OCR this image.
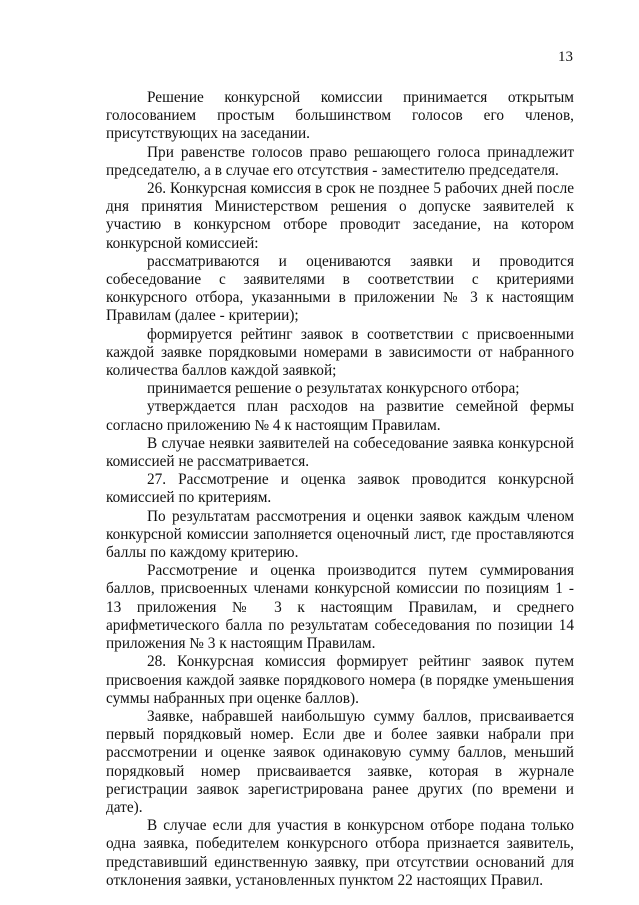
13

Решение конкурсной комиссии принимается открытым голосованием простым большинством голосов его членов, присутствующих на заседании.

При равенстве голосов право решающего голоса принадлежит председателю, а в случае его отсутствия - заместителю председателя.

26. Конкурсная комиссия в срок не позднее 5 рабочих дней после дня принятия Министерством решения о допуске заявителей к участию в конкурсном отборе проводит заседание, на котором конкурсной комиссией:

рассматриваются и оцениваются заявки и проводится собеседование с заявителями в соответствии с критериями конкурсного отбора, указанными в приложении № 3 к настоящим Правилам (далее - критерии);

формируется рейтинг заявок в соответствии с присвоенными каждой заявке порядковыми номерами в зависимости от набранного количества баллов каждой заявкой;

принимается решение о результатах конкурсного отбора;

утверждается план расходов на развитие семейной фермы согласно приложению № 4 к настоящим Правилам.

В случае неявки заявителей на собеседование заявка конкурсной комиссией не рассматривается.

27. Рассмотрение и оценка заявок проводится конкурсной комиссией по критериям.

По результатам рассмотрения и оценки заявок каждым членом конкурсной комиссии заполняется оценочный лист, где проставляются баллы по каждому критерию.

Рассмотрение и оценка производится путем суммирования баллов, присвоенных членами конкурсной комиссии по позициям 1 - 13 приложения № 3 к настоящим Правилам, и среднего арифметического балла по результатам собеседования по позиции 14 приложения № 3 к настоящим Правилам.

28. Конкурсная комиссия формирует рейтинг заявок путем присвоения каждой заявке порядкового номера (в порядке уменьшения суммы набранных при оценке баллов).

Заявке, набравшей наибольшую сумму баллов, присваивается первый порядковый номер. Если две и более заявки набрали при рассмотрении и оценке заявок одинаковую сумму баллов, меньший порядковый номер присваивается заявке, которая в журнале регистрации заявок зарегистрирована ранее других (по времени и дате).

В случае если для участия в конкурсном отборе подана только одна заявка, победителем конкурсного отбора признается заявитель, представивший единственную заявку, при отсутствии оснований для отклонения заявки, установленных пунктом 22 настоящих Правил.
